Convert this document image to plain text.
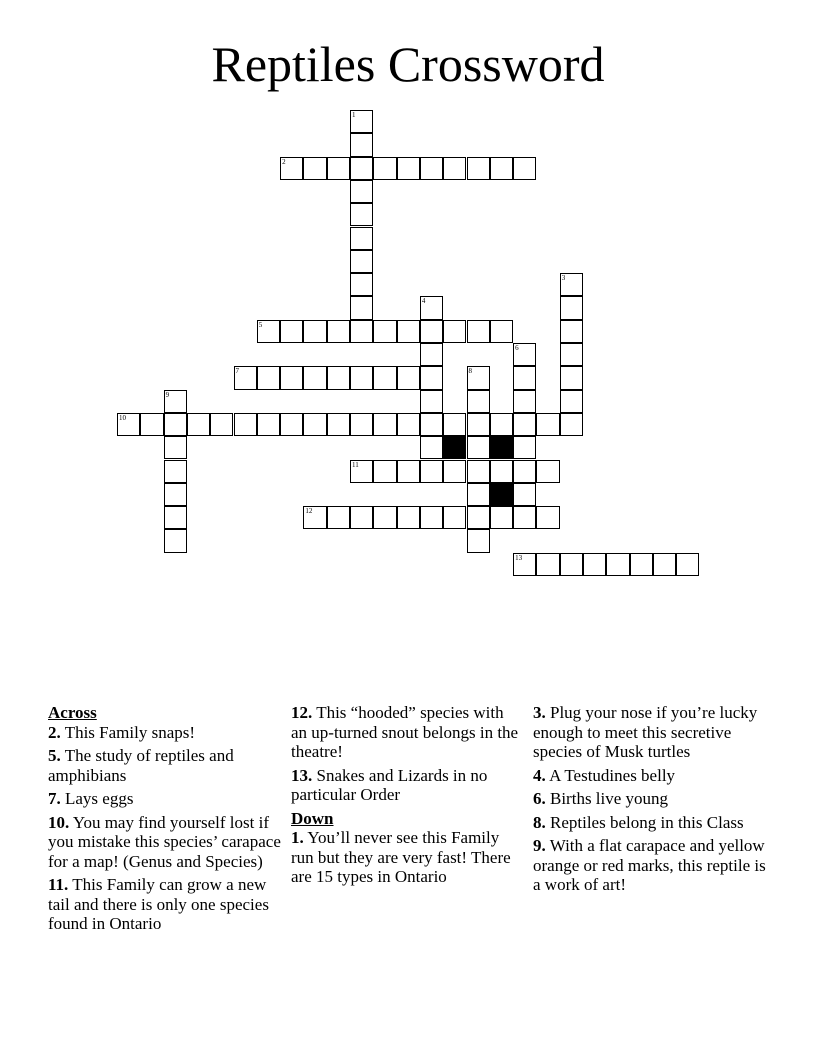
Reptiles Crossword
1
2
3
4
5
6
7	8
9
10
11
12
13
Across
2. This Family snaps!
5. The study of reptiles and amphibians
7. Lays eggs
10. You may find yourself lost if you mistake this species’ carapace for a map! (Genus and Species)
11. This Family can grow a new tail and there is only one species found in Ontario
12. This “hooded” species with an up-turned snout belongs in the theatre!
13. Snakes and Lizards in no particular Order
Down
1. You’ll never see this Family run but they are very fast! There are 15 types in Ontario
3. Plug your nose if you’re lucky enough to meet this secretive species of Musk turtles
4. A Testudines belly
6. Births live young
8. Reptiles belong in this Class
9. With a flat carapace and yellow orange or red marks, this reptile is a work of art!
